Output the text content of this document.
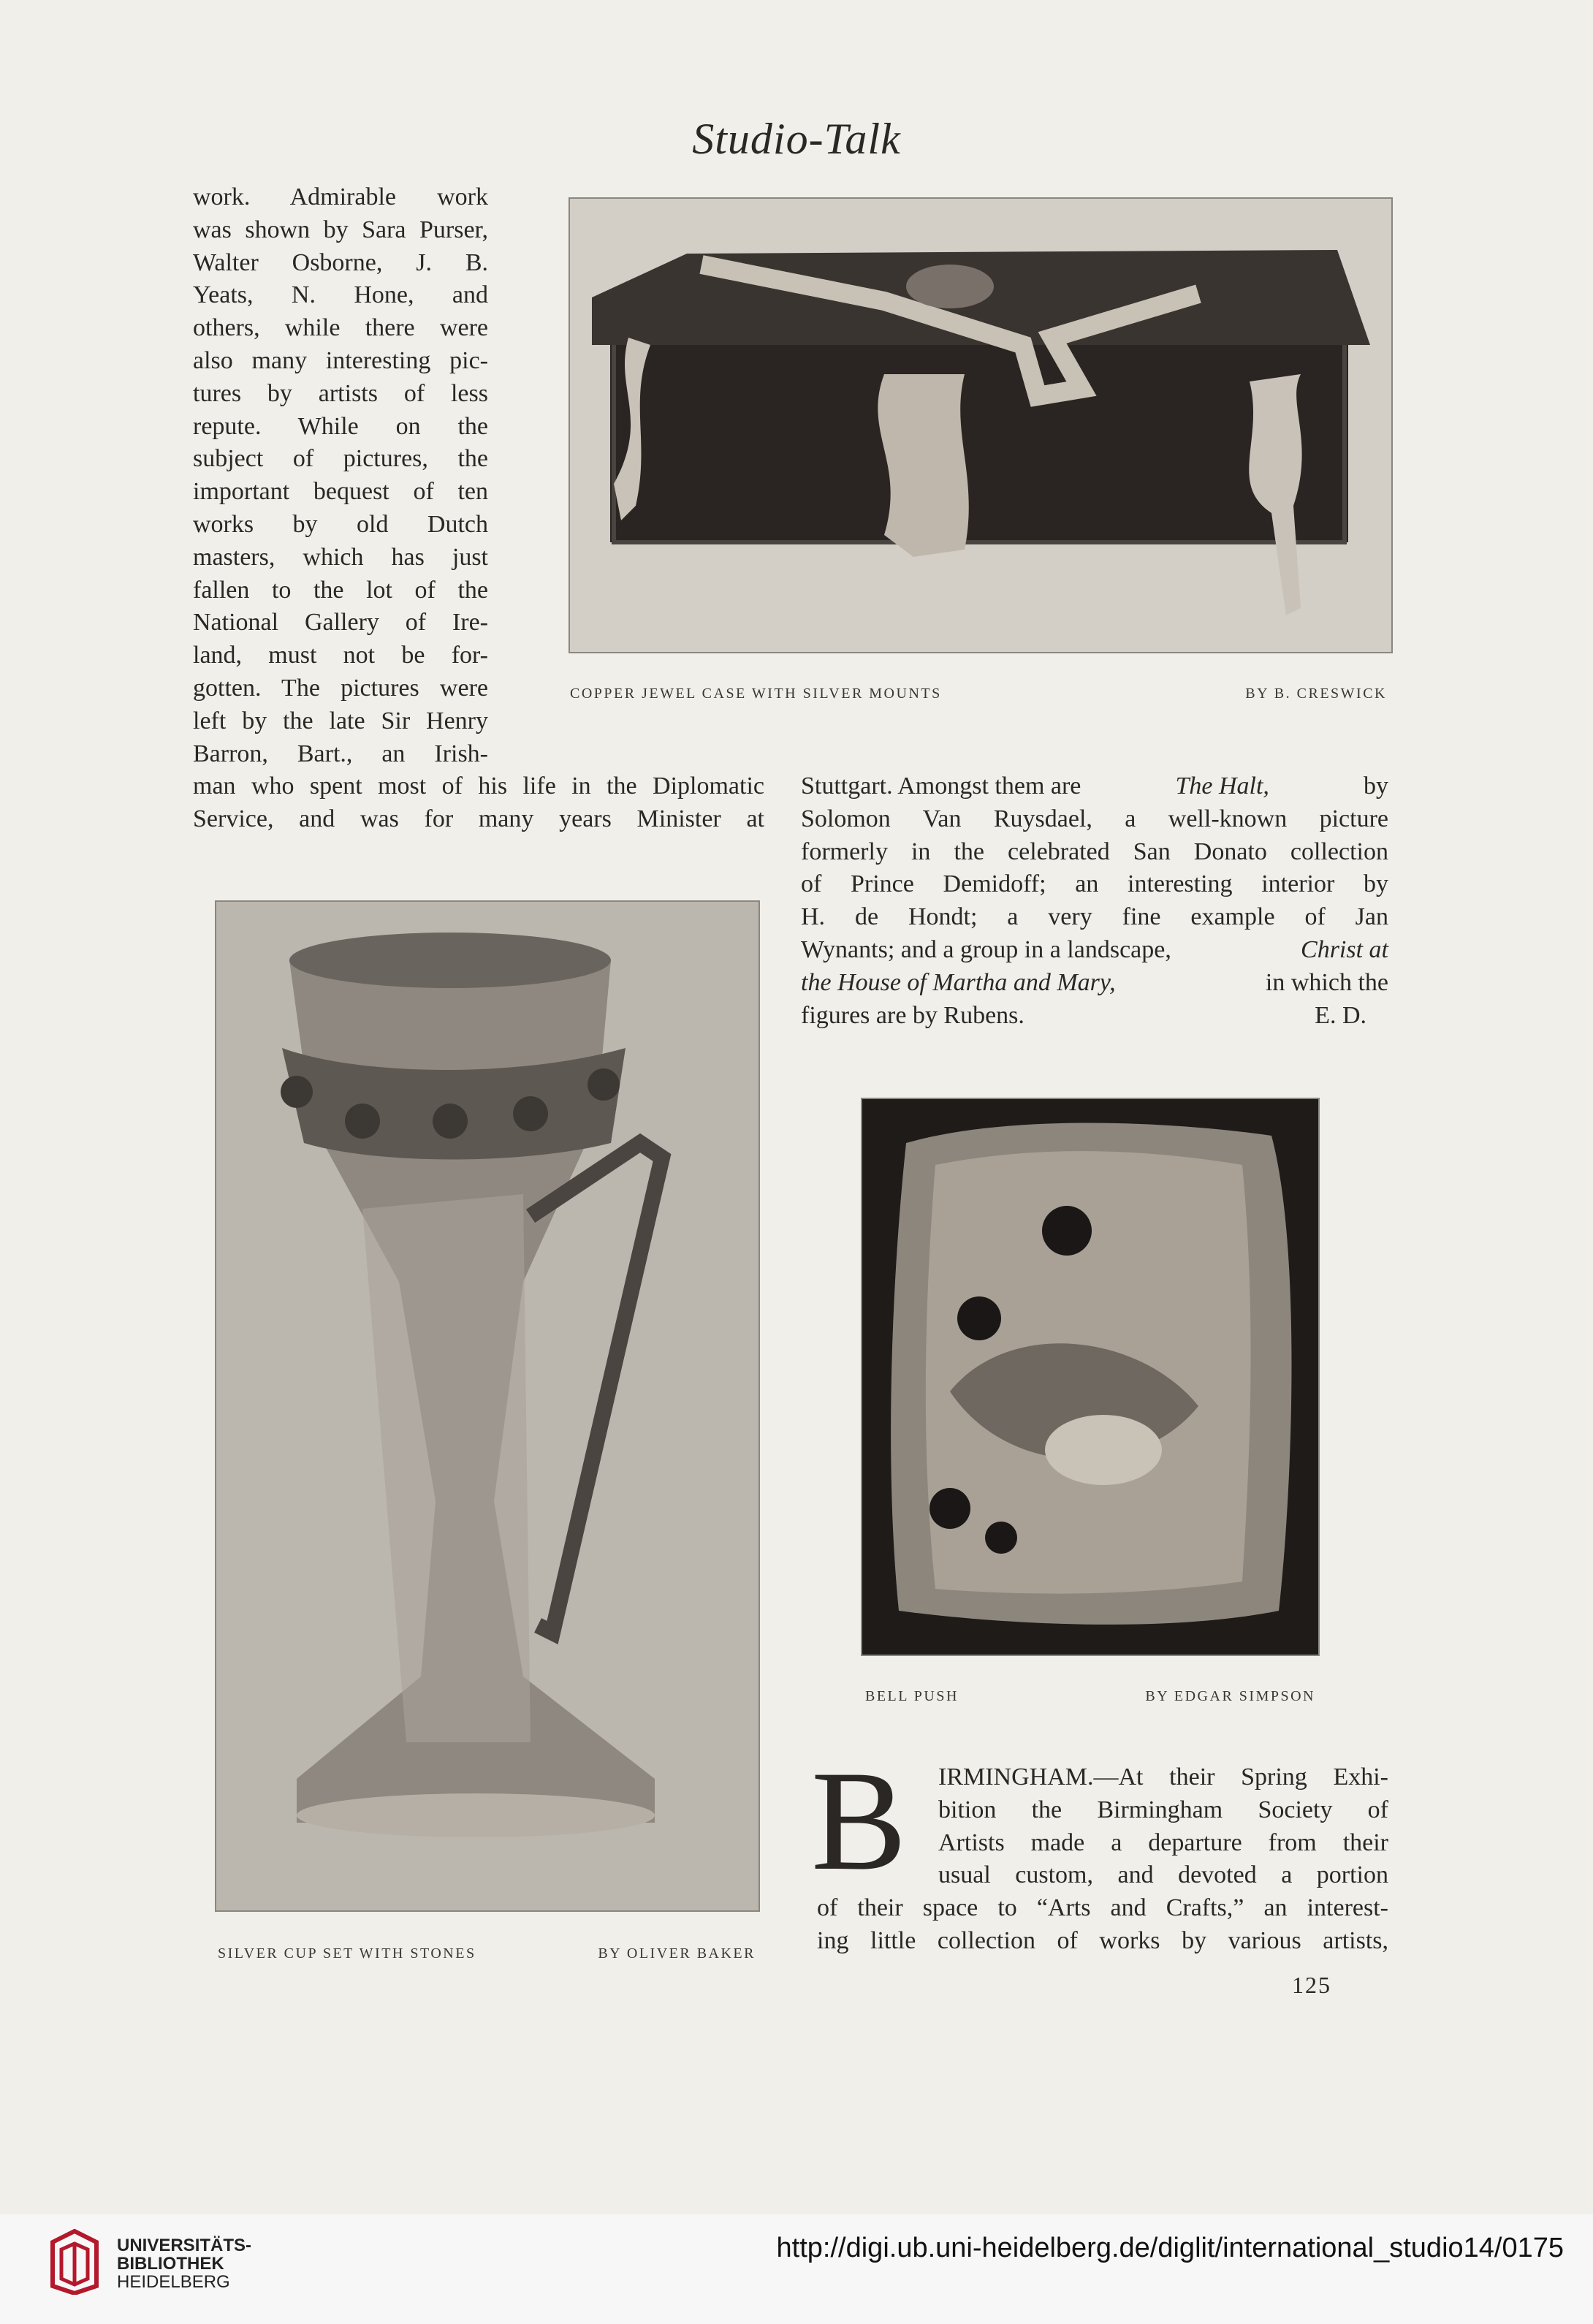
Studio-Talk

work. Admirable work

was shown by Sara Purser,

Walter Osborne, J. B.

Yeats, N. Hone, and

others, while there were

also many interesting pic-

tures by artists of less

repute. While on the

subject of pictures, the

important bequest of ten

works by old Dutch

masters, which has just

fallen to the lot of the

National Gallery of Ire-

land, must not be for-

gotten. The pictures were

left by the late Sir Henry

Barron, Bart., an Irish-

man who spent most of his life in the Diplomatic

Service, and was for many years Minister at

COPPER JEWEL CASE WITH SILVER MOUNTS	BY B. CRESWICK

Stuttgart. Amongst them are	The Halt,	by

Solomon Van Ruysdael, a well-known picture

formerly in the celebrated San Donato collection

of Prince Demidoff; an interesting interior by

H. de Hondt; a very fine example of Jan

Wynants; and a group in a landscape,	Christ at

the House of Martha and Mary,	in which the

figures are by Rubens.	E. D.

SILVER CUP SET WITH STONES	BY OLIVER BAKER
BELL PUSH	BY EDGAR SIMPSON
B IRMINGHAM.—At their Spring Exhi-

bition the Birmingham Society of

Artists made a departure from their

usual custom, and devoted a portion

of their space to “Arts and Crafts,” an interest-

ing little collection of works by various artists,

125
UNIVERSITÄTS-
BIBLIOTHEK
HEIDELBERG
http://digi.ub.uni-heidelberg.de/diglit/international_studio14/0175
